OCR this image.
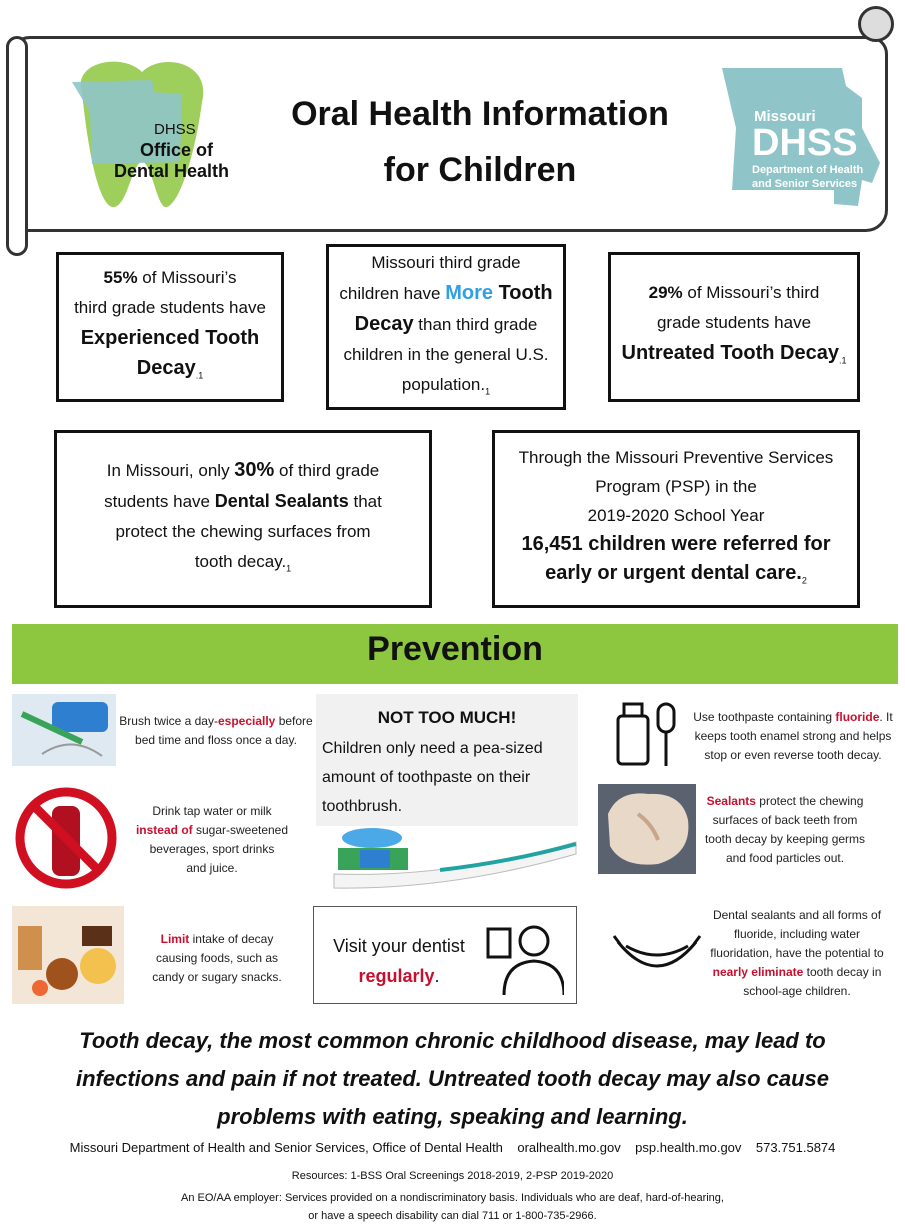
DHSS
Office of
Dental Health
Oral Health Information
for Children
Missouri
DHSS
Department of Health
and Senior Services
55% of Missouri’s
third grade students have
Experienced Tooth
Decay$_{.1}$
Missouri third grade
children have More Tooth
Decay than third grade
children in the general U.S.
$population._1$
29% of Missouri’s third
grade students have
Untreated Tooth Decay$_{.1}$
In Missouri, only 30% of third grade
students have Dental Sealants that
protect the chewing surfaces from
tooth $decay._1$
Through the Missouri Preventive Services
Program (PSP) in the
2019-2020 School Year
16,451 children were referred for
early or urgent dental $care._2$
Prevention
Brush twice a day-especially before
bed time and floss once a day.
Drink tap water or milk
instead of sugar-sweetened
beverages, sport drinks
and juice.
Limit intake of decay
causing foods, such as
candy or sugary snacks.
NOT TOO MUCH!
Children only need a pea-sized
amount of toothpaste on their
toothbrush.
Visit your dentist
regularly.
Use toothpaste containing fluoride. It
keeps tooth enamel strong and helps
stop or even reverse tooth decay.
Sealants protect the chewing
surfaces of back teeth from
tooth decay by keeping germs
and food particles out.
Dental sealants and all forms of
fluoride, including water
fluoridation, have the potential to
nearly eliminate tooth decay in
school-age children.
Tooth decay, the most common chronic childhood disease, may lead to
infections and pain if not treated. Untreated tooth decay may also cause
problems with eating, speaking and learning.
Missouri Department of Health and Senior Services, Office of Dental Health oralhealth.mo.gov psp.health.mo.gov 573.751.5874
Resources: 1-BSS Oral Screenings 2018-2019, 2-PSP 2019-2020
An EO/AA employer: Services provided on a nondiscriminatory basis. Individuals who are deaf, hard-of-hearing,
or have a speech disability can dial 711 or 1-800-735-2966.
